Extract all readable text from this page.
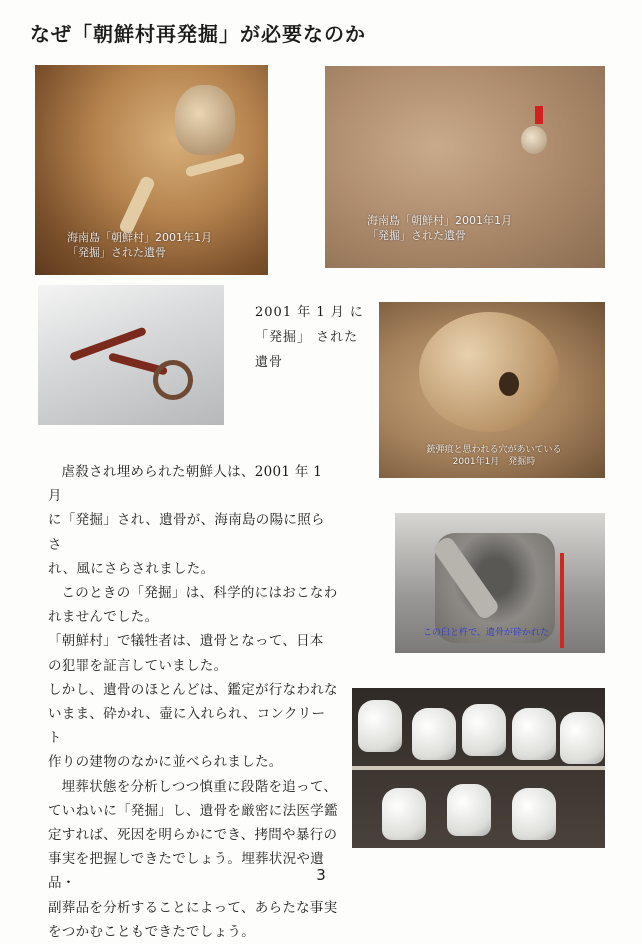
なぜ「朝鮮村再発掘」が必要なのか
海南島「朝鮮村」2001年1月
「発掘」された遺骨
海南島「朝鮮村」2001年1月
「発掘」された遺骨
2001 年 1 月 に
「発掘」 された
遺骨
銃弾痕と思われる穴があいている
2001年1月　発掘時
この臼と杵で、遺骨が砕かれた

虐殺され埋められた朝鮮人は、2001 年 1 月

に「発掘」され、遺骨が、海南島の陽に照らさ
れ、風にさらされました。

このときの「発掘」は、科学的にはおこなわ

れませんでした。

「朝鮮村」で犠牲者は、遺骨となって、日本
の犯罪を証言していました。

しかし、遺骨のほとんどは、鑑定が行なわれな
いまま、砕かれ、壷に入れられ、コンクリート
作りの建物のなかに並べられました。

埋葬状態を分析しつつ慎重に段階を追って、

ていねいに「発掘」し、遺骨を厳密に法医学鑑
定すれば、死因を明らかにでき、拷問や暴行の
事実を把握しできたでしょう。埋葬状況や遺品・
副葬品を分析することによって、あらたな事実
をつかむこともできたでしょう。

3
